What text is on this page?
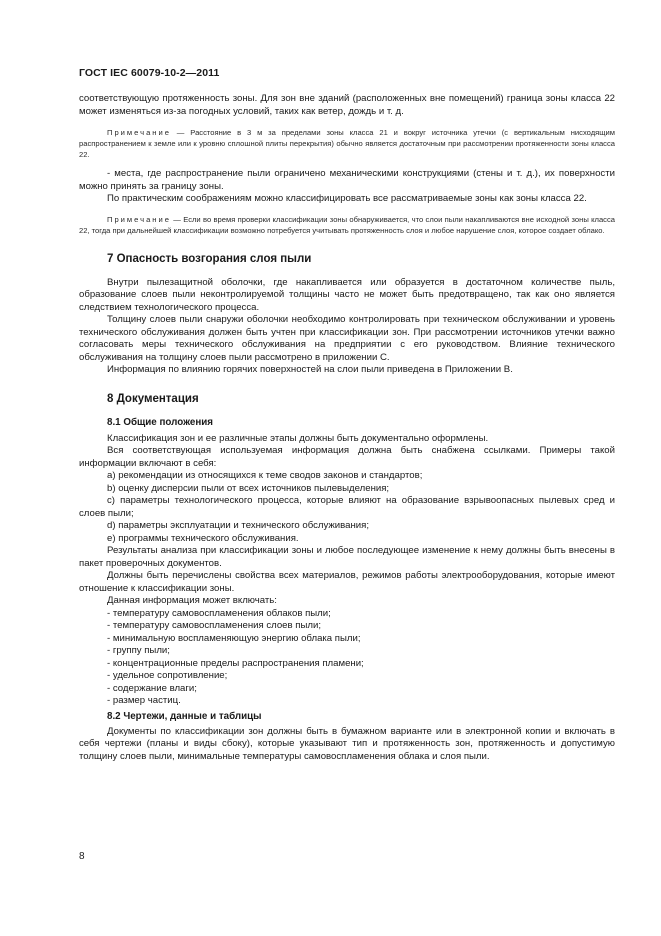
ГОСТ IEC 60079-10-2—2011

соответствующую протяженность зоны. Для зон вне зданий (расположенных вне помещений) граница зоны класса 22 может изменяться из-за погодных условий, таких как ветер, дождь и т. д.

Примечание — Расстояние в 3 м за пределами зоны класса 21 и вокруг источника утечки (с вертикальным нисходящим распространением к земле или к уровню сплошной плиты перекрытия) обычно является достаточным при рассмотрении протяженности зоны класса 22.

- места, где распространение пыли ограничено механическими конструкциями (стены и т. д.), их поверхности можно принять за границу зоны.

По практическим соображениям можно классифицировать все рассматриваемые зоны как зоны класса 22.

Примечание — Если во время проверки классификации зоны обнаруживается, что слои пыли накапливаются вне исходной зоны класса 22, тогда при дальнейшей классификации возможно потребуется учитывать протяженность слоя и любое нарушение слоя, которое создает облако.

7 Опасность возгорания слоя пыли

Внутри пылезащитной оболочки, где накапливается или образуется в достаточном количестве пыль, образование слоев пыли неконтролируемой толщины часто не может быть предотвращено, так как оно является следствием технологического процесса.

Толщину слоев пыли снаружи оболочки необходимо контролировать при техническом обслуживании и уровень технического обслуживания должен быть учтен при классификации зон. При рассмотрении источников утечки важно согласовать меры технического обслуживания на предприятии с его руководством. Влияние технического обслуживания на толщину слоев пыли рассмотрено в приложении С.

Информация по влиянию горячих поверхностей на слои пыли приведена в Приложении В.

8 Документация

8.1 Общие положения

Классификация зон и ее различные этапы должны быть документально оформлены.

Вся соответствующая используемая информация должна быть снабжена ссылками. Примеры такой информации включают в себя:

a) рекомендации из относящихся к теме сводов законов и стандартов;

b) оценку дисперсии пыли от всех источников пылевыделения;

c) параметры технологического процесса, которые влияют на образование взрывоопасных пылевых сред и слоев пыли;

d) параметры эксплуатации и технического обслуживания;

e) программы технического обслуживания.

Результаты анализа при классификации зоны и любое последующее изменение к нему должны быть внесены в пакет проверочных документов.

Должны быть перечислены свойства всех материалов, режимов работы электрооборудования, которые имеют отношение к классификации зоны.

Данная информация может включать:

- температуру самовоспламенения облаков пыли;

- температуру самовоспламенения слоев пыли;

- минимальную воспламеняющую энергию облака пыли;

- группу пыли;

- концентрационные пределы распространения пламени;

- удельное сопротивление;

- содержание влаги;

- размер частиц.

8.2 Чертежи, данные и таблицы

Документы по классификации зон должны быть в бумажном варианте или в электронной копии и включать в себя чертежи (планы и виды сбоку), которые указывают тип и протяженность зон, протяженность и допустимую толщину слоев пыли, минимальные температуры самовоспламенения облака и слоя пыли.

8
